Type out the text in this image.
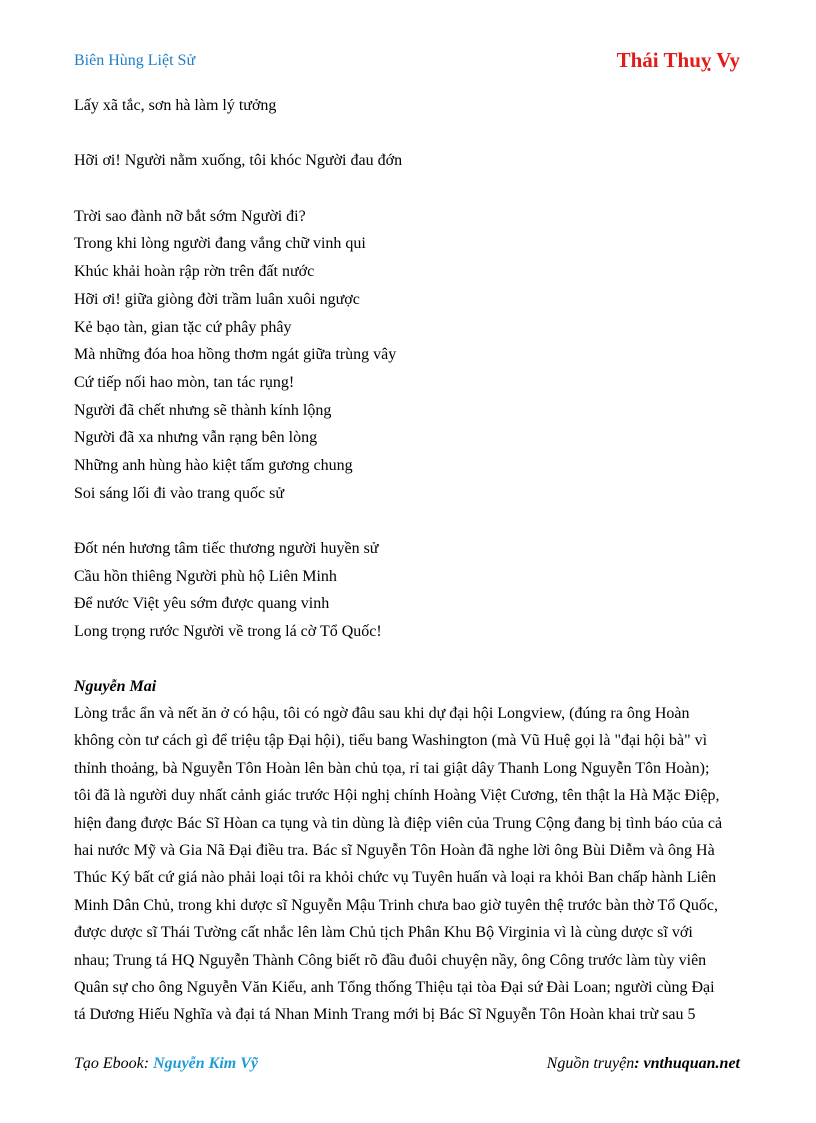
Biên Hùng Liệt Sử	Thái Thuỵ Vy
Lấy xã tắc, sơn hà làm lý tưởng
Hỡi ơi! Người nằm xuống, tôi khóc Người đau đớn
Trời sao đành nỡ bắt sớm Người đi?
Trong khi lòng người đang vắng chữ vinh qui
Khúc khải hoàn rập rờn trên đất nước
Hỡi ơi! giữa giòng đời trầm luân xuôi ngược
Kẻ bạo tàn, gian tặc cứ phây phây
Mà những đóa hoa hồng thơm ngát giữa trùng vây
Cứ tiếp nối hao mòn, tan tác rụng!
Người đã chết nhưng sẽ thành kính lộng
Người đã xa nhưng vẫn rạng bên lòng
Những anh hùng hào kiệt tấm gương chung
Soi sáng lối đi vào trang quốc sử
Đốt nén hương tâm tiếc thương người huyền sử
Cầu hồn thiêng Người phù hộ Liên Minh
Để nước Việt yêu sớm được quang vinh
Long trọng rước Người về trong lá cờ Tổ Quốc!
Nguyễn Mai
Lòng trắc ẩn và nết ăn ở có hậu, tôi có ngờ đâu sau khi dự đại hội Longview, (đúng ra ông Hoàn
không còn tư cách gì để triệu tập Đại hội), tiểu bang Washington (mà Vũ Huệ gọi là "đại hội bà" vì
thỉnh thoảng, bà Nguyễn Tôn Hoàn lên bàn chủ tọa, rỉ tai giật dây Thanh Long Nguyễn Tôn Hoàn);
tôi đã là người duy nhất cảnh giác trước Hội nghị chính Hoàng Việt Cương, tên thật la Hà Mặc Điệp,
hiện đang được Bác Sĩ Hòan ca tụng và tin dùng là điệp viên của Trung Cộng đang bị tình báo của cả
hai nước Mỹ và Gia Nã Đại điều tra. Bác sĩ Nguyễn Tôn Hoàn đã nghe lời ông Bùi Diễm và ông Hà
Thúc Ký bất cứ giá nào phải loại tôi ra khỏi chức vụ Tuyên huấn và loại ra khỏi Ban chấp hành Liên
Minh Dân Chủ, trong khi dược sĩ Nguyễn Mậu Trinh chưa bao giờ tuyên thệ trước bàn thờ Tổ Quốc,
được dược sĩ Thái Tường cất nhắc lên làm Chủ tịch Phân Khu Bộ Virginia vì là cùng dược sĩ với
nhau; Trung tá HQ Nguyễn Thành Công biết rõ đầu đuôi chuyện nầy, ông Công trước làm tùy viên
Quân sự cho ông Nguyễn Văn Kiểu, anh Tổng thống Thiệu tại tòa Đại sứ Đài Loan; người cùng Đại
tá Dương Hiếu Nghĩa và đại tá Nhan Minh Trang mới bị Bác Sĩ Nguyễn Tôn Hoàn khai trừ sau 5
Tạo Ebook: Nguyễn Kim Vỹ	Nguồn truyện: vnthuquan.net
